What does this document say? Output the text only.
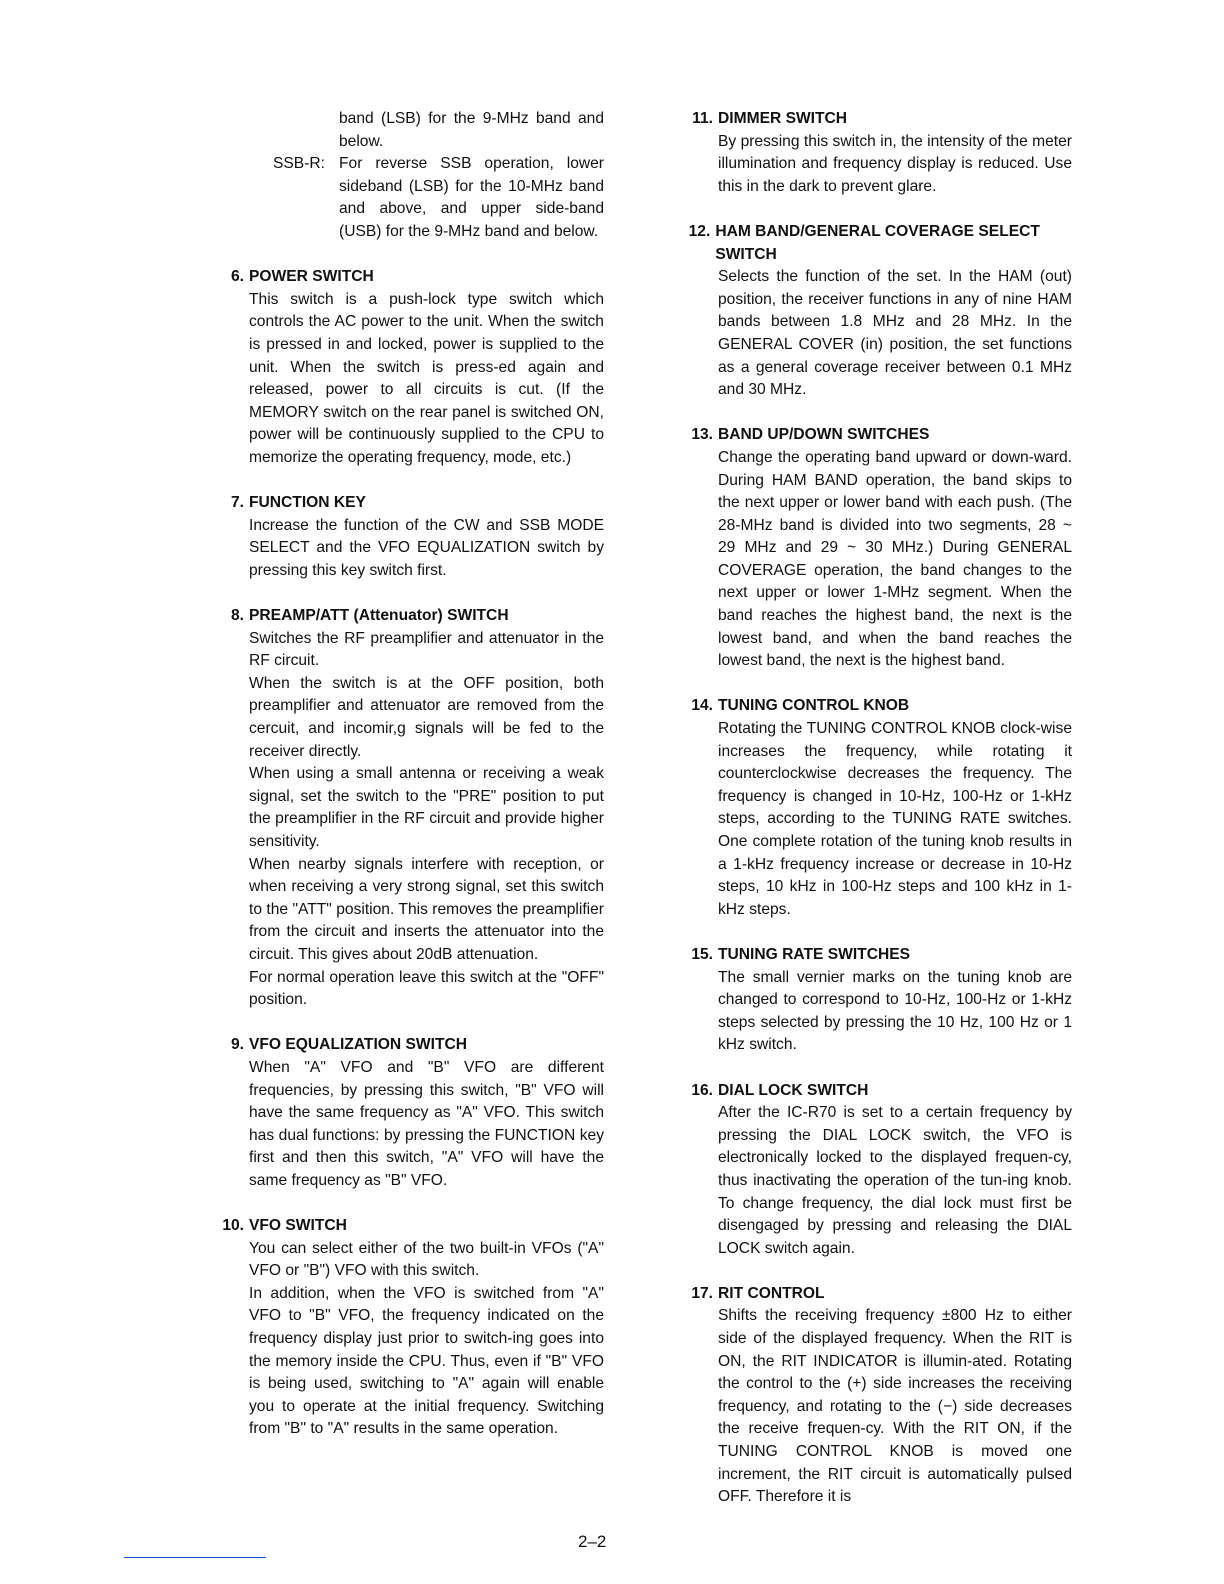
band (LSB) for the 9-MHz band and below.
SSB-R: For reverse SSB operation, lower sideband (LSB) for the 10-MHz band and above, and upper side-band (USB) for the 9-MHz band and below.
6. POWER SWITCH

This switch is a push-lock type switch which controls the AC power to the unit. When the switch is pressed in and locked, power is supplied to the unit. When the switch is press-ed again and released, power to all circuits is cut. (If the MEMORY switch on the rear panel is switched ON, power will be continuously supplied to the CPU to memorize the operating frequency, mode, etc.)

7. FUNCTION KEY

Increase the function of the CW and SSB MODE SELECT and the VFO EQUALIZATION switch by pressing this key switch first.

8. PREAMP/ATT (Attenuator) SWITCH

Switches the RF preamplifier and attenuator in the RF circuit.

When the switch is at the OFF position, both preamplifier and attenuator are removed from the cercuit, and incomir,g signals will be fed to the receiver directly.

When using a small antenna or receiving a weak signal, set the switch to the "PRE" position to put the preamplifier in the RF circuit and provide higher sensitivity.

When nearby signals interfere with reception, or when receiving a very strong signal, set this switch to the "ATT" position. This removes the preamplifier from the circuit and inserts the attenuator into the circuit. This gives about 20dB attenuation.

For normal operation leave this switch at the "OFF" position.

9. VFO EQUALIZATION SWITCH

When "A" VFO and "B" VFO are different frequencies, by pressing this switch, "B" VFO will have the same frequency as "A" VFO. This switch has dual functions: by pressing the FUNCTION key first and then this switch, "A" VFO will have the same frequency as "B" VFO.

10. VFO SWITCH

You can select either of the two built-in VFOs ("A" VFO or "B") VFO with this switch.

In addition, when the VFO is switched from "A" VFO to "B" VFO, the frequency indicated on the frequency display just prior to switch-ing goes into the memory inside the CPU. Thus, even if "B" VFO is being used, switching to "A" again will enable you to operate at the initial frequency. Switching from "B" to "A" results in the same operation.

11. DIMMER SWITCH

By pressing this switch in, the intensity of the meter illumination and frequency display is reduced. Use this in the dark to prevent glare.

12. HAM BAND/GENERAL COVERAGE SELECT SWITCH

Selects the function of the set. In the HAM (out) position, the receiver functions in any of nine HAM bands between 1.8 MHz and 28 MHz. In the GENERAL COVER (in) position, the set functions as a general coverage receiver between 0.1 MHz and 30 MHz.

13. BAND UP/DOWN SWITCHES

Change the operating band upward or down-ward. During HAM BAND operation, the band skips to the next upper or lower band with each push. (The 28-MHz band is divided into two segments, 28 ~ 29 MHz and 29 ~ 30 MHz.) During GENERAL COVERAGE operation, the band changes to the next upper or lower 1-MHz segment. When the band reaches the highest band, the next is the lowest band, and when the band reaches the lowest band, the next is the highest band.

14. TUNING CONTROL KNOB

Rotating the TUNING CONTROL KNOB clock-wise increases the frequency, while rotating it counterclockwise decreases the frequency. The frequency is changed in 10-Hz, 100-Hz or 1-kHz steps, according to the TUNING RATE switches. One complete rotation of the tuning knob results in a 1-kHz frequency increase or decrease in 10-Hz steps, 10 kHz in 100-Hz steps and 100 kHz in 1-kHz steps.

15. TUNING RATE SWITCHES

The small vernier marks on the tuning knob are changed to correspond to 10-Hz, 100-Hz or 1-kHz steps selected by pressing the 10 Hz, 100 Hz or 1 kHz switch.

16. DIAL LOCK SWITCH

After the IC-R70 is set to a certain frequency by pressing the DIAL LOCK switch, the VFO is electronically locked to the displayed frequen-cy, thus inactivating the operation of the tun-ing knob. To change frequency, the dial lock must first be disengaged by pressing and releasing the DIAL LOCK switch again.

17. RIT CONTROL

Shifts the receiving frequency ±800 Hz to either side of the displayed frequency. When the RIT is ON, the RIT INDICATOR is illumin-ated. Rotating the control to the (+) side increases the receiving frequency, and rotating to the (−) side decreases the receive frequen-cy. With the RIT ON, if the TUNING CONTROL KNOB is moved one increment, the RIT circuit is automatically pulsed OFF. Therefore it is

2–2
